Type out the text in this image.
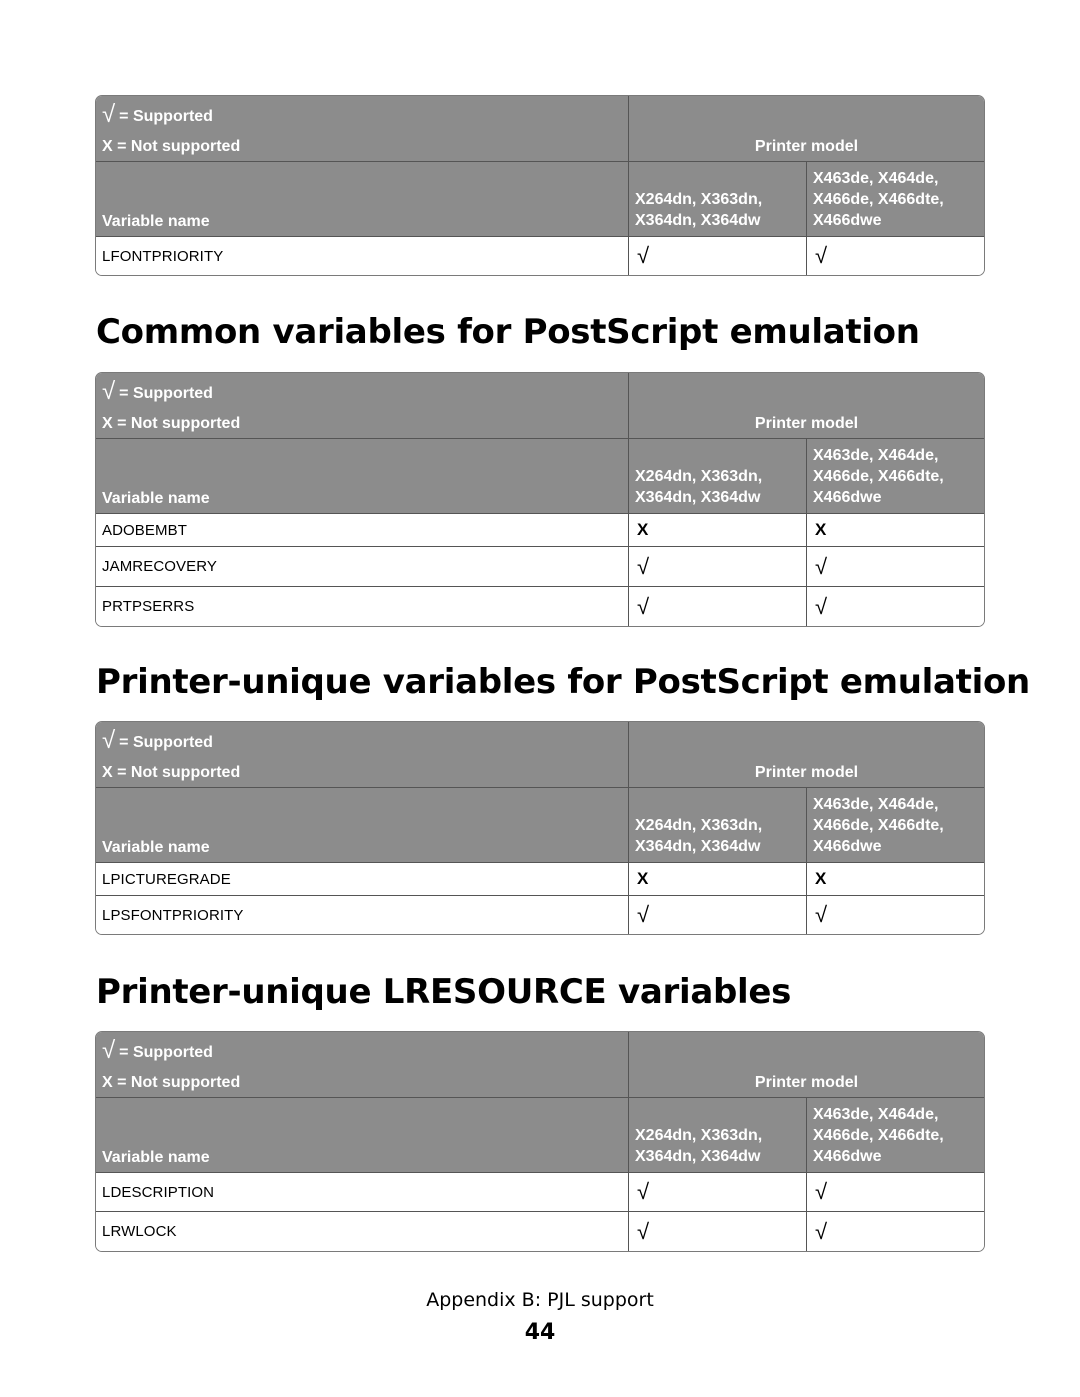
√ = Supported
X = Not supported	Printer model
Variable name
X264dn, X363dn,
X364dn, X364dw
X463de, X464de,
X466de, X466dte,
X466dwe
LFONTPRIORITY	√	√
Common variables for PostScript emulation
√ = Supported
X = Not supported	Printer model
Variable name
X264dn, X363dn,
X364dn, X364dw
X463de, X464de,
X466de, X466dte,
X466dwe
ADOBEMBT	X	X
JAMRECOVERY	√	√
PRTPSERRS	√	√
Printer-unique variables for PostScript emulation
√ = Supported
X = Not supported	Printer model
Variable name
X264dn, X363dn,
X364dn, X364dw
X463de, X464de,
X466de, X466dte,
X466dwe
LPICTUREGRADE	X	X
LPSFONTPRIORITY	√	√
Printer-unique LRESOURCE variables
√ = Supported
X = Not supported	Printer model
Variable name
X264dn, X363dn,
X364dn, X364dw
X463de, X464de,
X466de, X466dte,
X466dwe
LDESCRIPTION	√	√
LRWLOCK	√	√
Appendix B: PJL support
44
